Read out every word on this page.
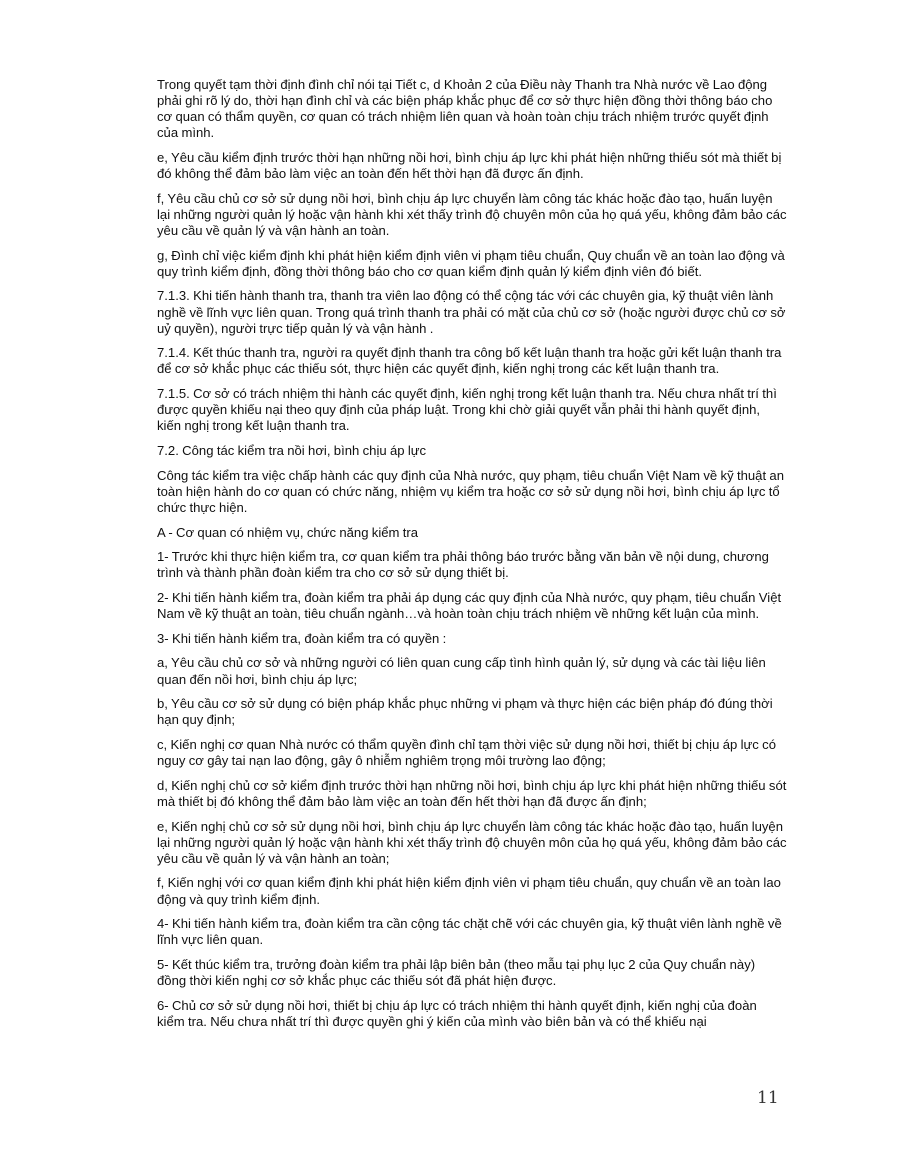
Trong quyết tạm thời định đình chỉ nói tại Tiết c, d Khoản 2 của Điều này Thanh tra Nhà nước về Lao động phải ghi rõ lý do, thời hạn đình chỉ và các biện pháp khắc phục để cơ sở thực hiện đồng thời thông báo cho cơ quan có thẩm quyền, cơ quan có trách nhiệm liên quan và hoàn toàn chịu trách nhiệm trước quyết định của mình.

e, Yêu cầu kiểm định trước thời hạn những nồi hơi, bình chịu áp lực khi phát hiện những thiếu sót mà thiết bị đó không thể đảm bảo làm việc an toàn đến hết thời hạn đã được ấn định.

f, Yêu cầu chủ cơ sở sử dụng nồi hơi, bình chịu áp lực chuyển làm công tác khác hoặc đào tạo, huấn luyện lại những người quản lý hoặc vận hành khi xét thấy trình độ chuyên môn của họ quá yếu, không đảm bảo các yêu cầu về quản lý và vận hành an toàn.

g, Đình chỉ việc kiểm định khi phát hiện kiểm định viên vi phạm tiêu chuẩn, Quy chuẩn về an toàn lao động và quy trình kiểm định, đồng thời thông báo cho cơ quan kiểm định quản lý kiểm định viên đó biết.

7.1.3. Khi tiến hành thanh tra, thanh tra viên lao động có thể cộng tác với các chuyên gia, kỹ thuật viên lành nghề về lĩnh vực liên quan. Trong quá trình thanh tra phải có mặt của chủ cơ sở (hoặc người được chủ cơ sở uỷ quyền), người trực tiếp quản lý và vận hành .

7.1.4. Kết thúc thanh tra, người ra quyết định thanh tra công bố kết luận thanh tra hoặc gửi kết luận thanh tra để cơ sở khắc phục các thiếu sót, thực hiện các quyết định, kiến nghị trong các kết luận thanh tra.

7.1.5. Cơ sở có trách nhiệm thi hành các quyết định, kiến nghị trong kết luận thanh tra. Nếu chưa nhất trí thì được quyền khiếu nại theo quy định của pháp luật. Trong khi chờ giải quyết vẫn phải thi hành quyết định, kiến nghị trong kết luận thanh tra.

7.2. Công tác kiểm tra nồi hơi, bình chịu áp lực

Công tác kiểm tra việc chấp hành các quy định của Nhà nước, quy phạm, tiêu chuẩn Việt Nam về kỹ thuật an toàn hiện hành do cơ quan có chức năng, nhiệm vụ kiểm tra hoặc cơ sở sử dụng nồi hơi, bình chịu áp lực tổ chức thực hiện.

A - Cơ quan có nhiệm vụ, chức năng kiểm tra

1- Trước khi thực hiện kiểm tra, cơ quan kiểm tra phải thông báo trước bằng văn bản về nội dung, chương trình và thành phần đoàn kiểm tra cho cơ sở sử dụng thiết bị.

2- Khi tiến hành kiểm tra, đoàn kiểm tra phải áp dụng các quy định của Nhà nước, quy phạm, tiêu chuẩn Việt Nam về kỹ thuật an toàn, tiêu chuẩn ngành…và hoàn toàn chịu trách nhiệm về những kết luận của mình.

3- Khi tiến hành kiểm tra, đoàn kiểm tra có quyền :

a, Yêu cầu chủ cơ sở và những người có liên quan cung cấp tình hình quản lý, sử dụng và các tài liệu liên quan đến nồi hơi, bình chịu áp lực;

b, Yêu cầu cơ sở sử dụng có biện pháp khắc phục những vi phạm và thực hiện các biện pháp đó đúng thời hạn quy định;

c, Kiến nghị cơ quan Nhà nước có thẩm quyền đình chỉ tạm thời việc sử dụng nồi hơi, thiết bị chịu áp lực có nguy cơ gây tai nạn lao động, gây ô nhiễm nghiêm trọng môi trường lao động;

d, Kiến nghị chủ cơ sở kiểm định trước thời hạn những nồi hơi, bình chịu áp lực khi phát hiện những thiếu sót mà thiết bị đó không thể đảm bảo làm việc an toàn đến hết thời hạn đã được ấn định;

e, Kiến nghị chủ cơ sở sử dụng nồi hơi, bình chịu áp lực chuyển làm công tác khác hoặc đào tạo, huấn luyện lại những người quản lý hoặc vận hành khi xét thấy trình độ chuyên môn của họ quá yếu, không đảm bảo các yêu cầu về quản lý và vận hành an toàn;

f, Kiến nghị với cơ quan kiểm định khi phát hiện kiểm định viên vi phạm tiêu chuẩn, quy chuẩn về an toàn lao động và quy trình kiểm định.

4- Khi tiến hành kiểm tra, đoàn kiểm tra cần cộng tác chặt chẽ với các chuyên gia, kỹ thuật viên lành nghề về lĩnh vực liên quan.

5- Kết thúc kiểm tra, trưởng đoàn kiểm tra phải lập biên bản (theo mẫu tại phụ lục 2 của Quy chuẩn này) đồng thời kiến nghị cơ sở khắc phục các thiếu sót đã phát hiện được.

6- Chủ cơ sở sử dụng nồi hơi, thiết bị chịu áp lực có trách nhiệm thi hành quyết định, kiến nghị của đoàn kiểm tra. Nếu chưa nhất trí thì được quyền ghi ý kiến của mình vào biên bản và có thể khiếu nại

11
